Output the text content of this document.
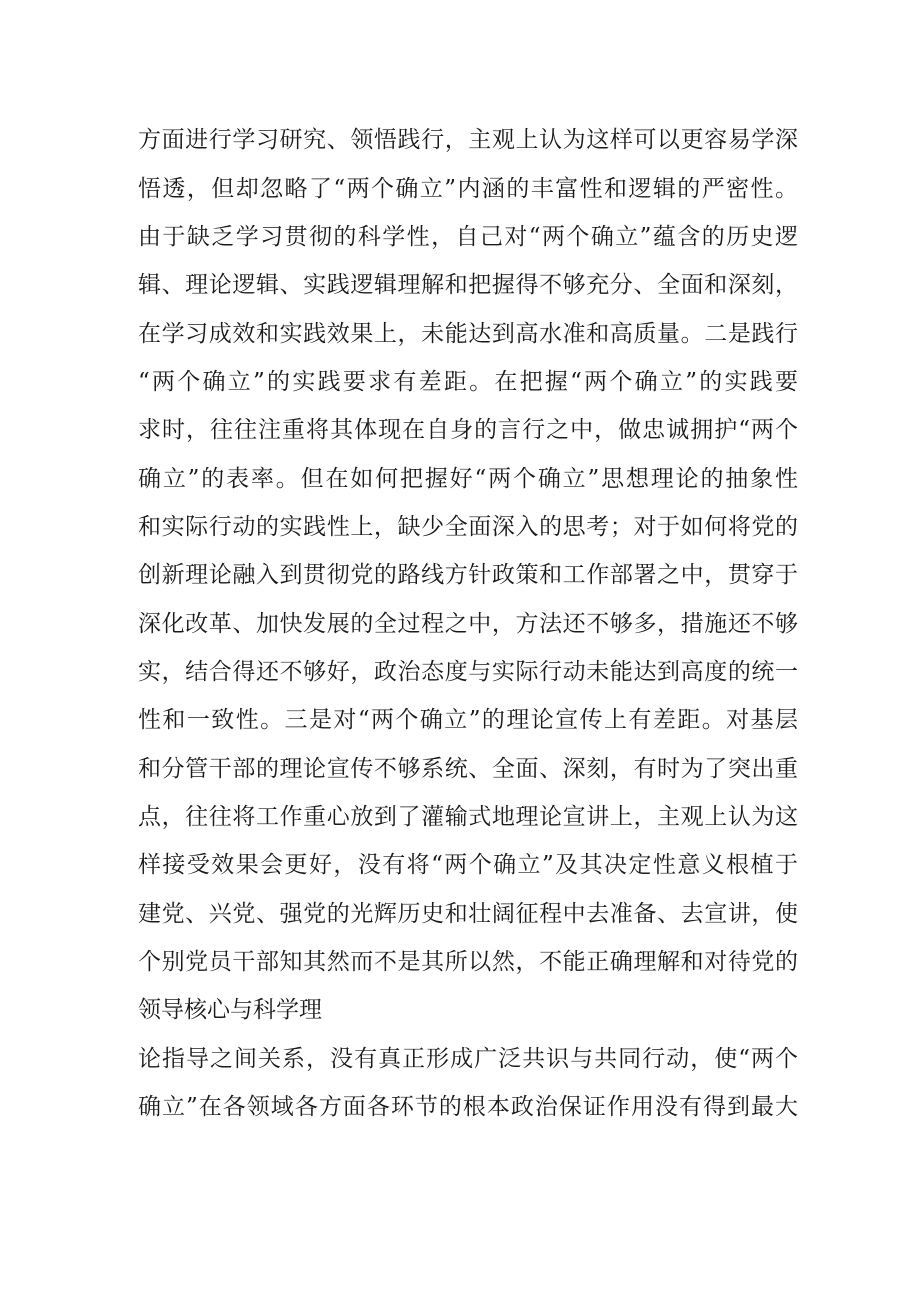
方面进行学习研究、领悟践行，主观上认为这样可以更容易学深
悟透，但却忽略了“两个确立”内涵的丰富性和逻辑的严密性。
由于缺乏学习贯彻的科学性，自己对“两个确立”蕴含的历史逻
辑、理论逻辑、实践逻辑理解和把握得不够充分、全面和深刻，
在学习成效和实践效果上，未能达到高水准和高质量。二是践行
“两个确立”的实践要求有差距。在把握“两个确立”的实践要
求时，往往注重将其体现在自身的言行之中，做忠诚拥护“两个
确立”的表率。但在如何把握好“两个确立”思想理论的抽象性
和实际行动的实践性上，缺少全面深入的思考；对于如何将党的
创新理论融入到贯彻党的路线方针政策和工作部署之中，贯穿于
深化改革、加快发展的全过程之中，方法还不够多，措施还不够
实，结合得还不够好，政治态度与实际行动未能达到高度的统一
性和一致性。三是对“两个确立”的理论宣传上有差距。对基层
和分管干部的理论宣传不够系统、全面、深刻，有时为了突出重
点，往往将工作重心放到了灌输式地理论宣讲上，主观上认为这
样接受效果会更好，没有将“两个确立”及其决定性意义根植于
建党、兴党、强党的光辉历史和壮阔征程中去准备、去宣讲，使
个别党员干部知其然而不是其所以然，不能正确理解和对待党的
领导核心与科学理
论指导之间关系，没有真正形成广泛共识与共同行动，使“两个
确立”在各领域各方面各环节的根本政治保证作用没有得到最大
